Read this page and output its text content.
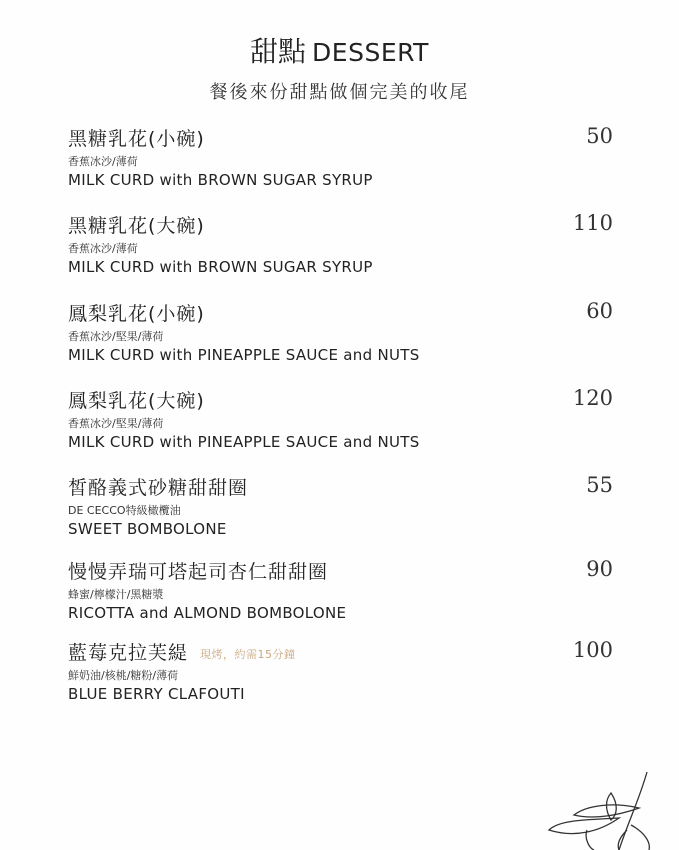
甜點 DESSERT
餐後來份甜點做個完美的收尾
黑糖乳花(小碗)
香蕉冰沙/薄荷
MILK CURD with BROWN SUGAR SYRUP
50
黑糖乳花(大碗)
香蕉冰沙/薄荷
MILK CURD with BROWN SUGAR SYRUP
110
鳳梨乳花(小碗)
香蕉冰沙/堅果/薄荷
MILK CURD with PINEAPPLE SAUCE and NUTS
60
鳳梨乳花(大碗)
香蕉冰沙/堅果/薄荷
MILK CURD with PINEAPPLE SAUCE and NUTS
120
皙酪義式砂糖甜甜圈
DE CECCO特級橄欖油
SWEET BOMBOLONE
55
慢慢弄瑞可塔起司杏仁甜甜圈
蜂蜜/檸檬汁/黑糖漿
RICOTTA and ALMOND BOMBOLONE
90
藍莓克拉芙緹 現烤，約需15分鐘
鮮奶油/核桃/糖粉/薄荷
BLUE BERRY CLAFOUTI
100
